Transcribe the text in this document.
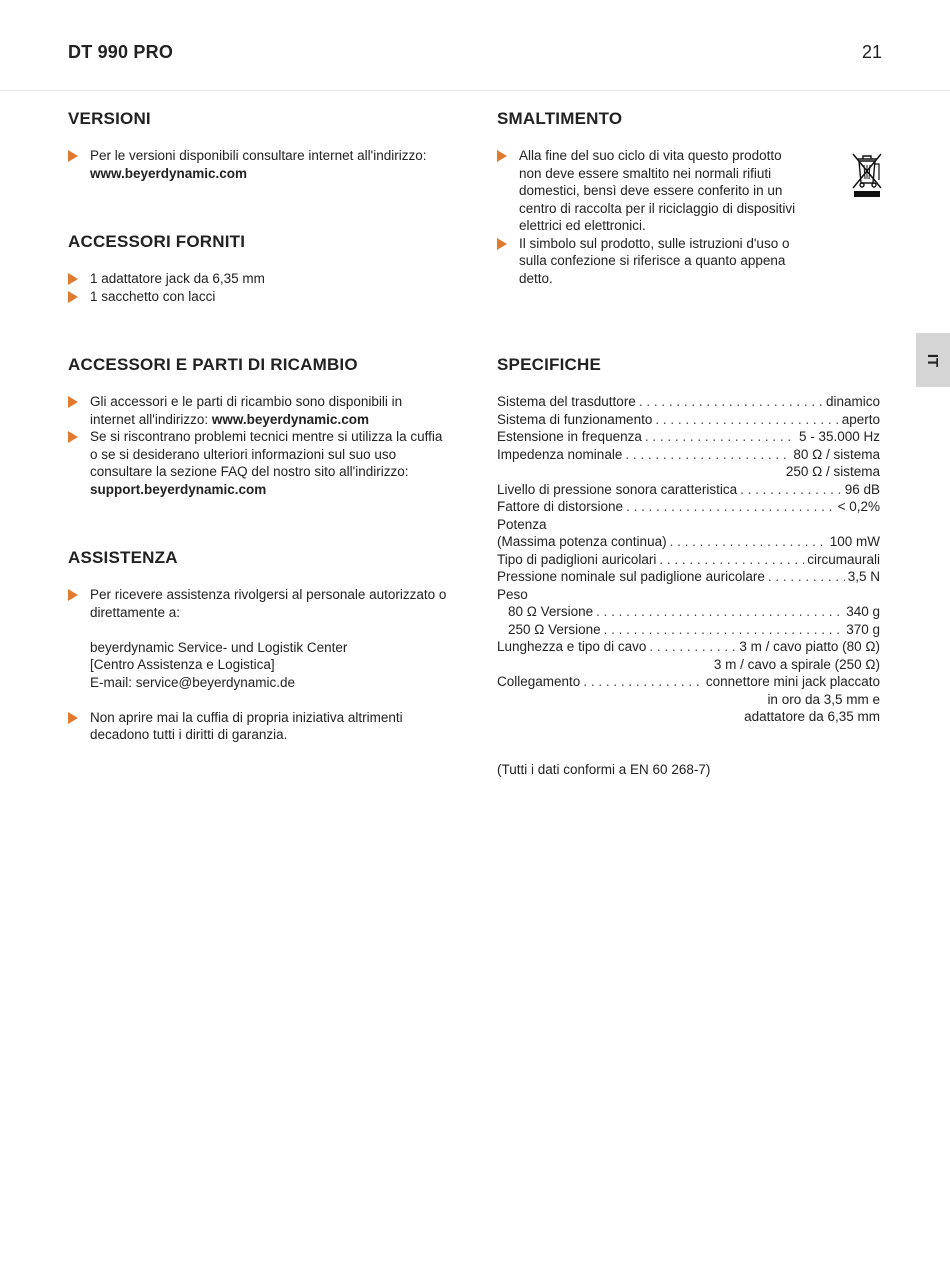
DT 990 PRO	21
IT
VERSIONI
Per le versioni disponibili consultare internet all'indirizzo: www.beyerdynamic.com
ACCESSORI FORNITI
1 adattatore jack da 6,35 mm
1 sacchetto con lacci
ACCESSORI E PARTI DI RICAMBIO
Gli accessori e le parti di ricambio sono disponibili in internet all'indirizzo: www.beyerdynamic.com
Se si riscontrano problemi tecnici mentre si utilizza la cuffia o se si desiderano ulteriori informazioni sul suo uso consultare la sezione FAQ del nostro sito all'indirizzo: support.beyerdynamic.com
ASSISTENZA
Per ricevere assistenza rivolgersi al personale autorizzato o direttamente a:
beyerdynamic Service- und Logistik Center
[Centro Assistenza e Logistica]
E-mail: service@beyerdynamic.de
Non aprire mai la cuffia di propria iniziativa altrimenti decadono tutti i diritti di garanzia.
SMALTIMENTO
Alla fine del suo ciclo di vita questo prodotto non deve essere smaltito nei normali rifiuti domestici, bensì deve essere conferito in un centro di raccolta per il riciclaggio di dispositivi elettrici ed elettronici.
Il simbolo sul prodotto, sulle istruzioni d'uso o sulla confezione si riferisce a quanto appena detto.
SPECIFICHE
Sistema del trasduttore . . .	dinamico
Sistema di funzionamento . . .	aperto
Estensione in frequenza . . .	5 - 35.000 Hz
Impedenza nominale . . .	80 Ω / sistema
250 Ω / sistema
Livello di pressione sonora caratteristica . . .	96 dB
Fattore di distorsione . . .	< 0,2%
Potenza
(Massima potenza continua) . . .	100 mW
Tipo di padiglioni auricolari . . .	circumaurali
Pressione nominale sul padiglione auricolare . . .	3,5 N
Peso
80 Ω Versione . . .	340 g
250 Ω Versione . . .	370 g
Lunghezza e tipo di cavo . . .	3 m / cavo piatto (80 Ω)
3 m / cavo a spirale (250 Ω)
Collegamento . . .	connettore mini jack placcato
in oro da 3,5 mm e
adattatore da 6,35 mm
(Tutti i dati conformi a EN 60 268-7)
